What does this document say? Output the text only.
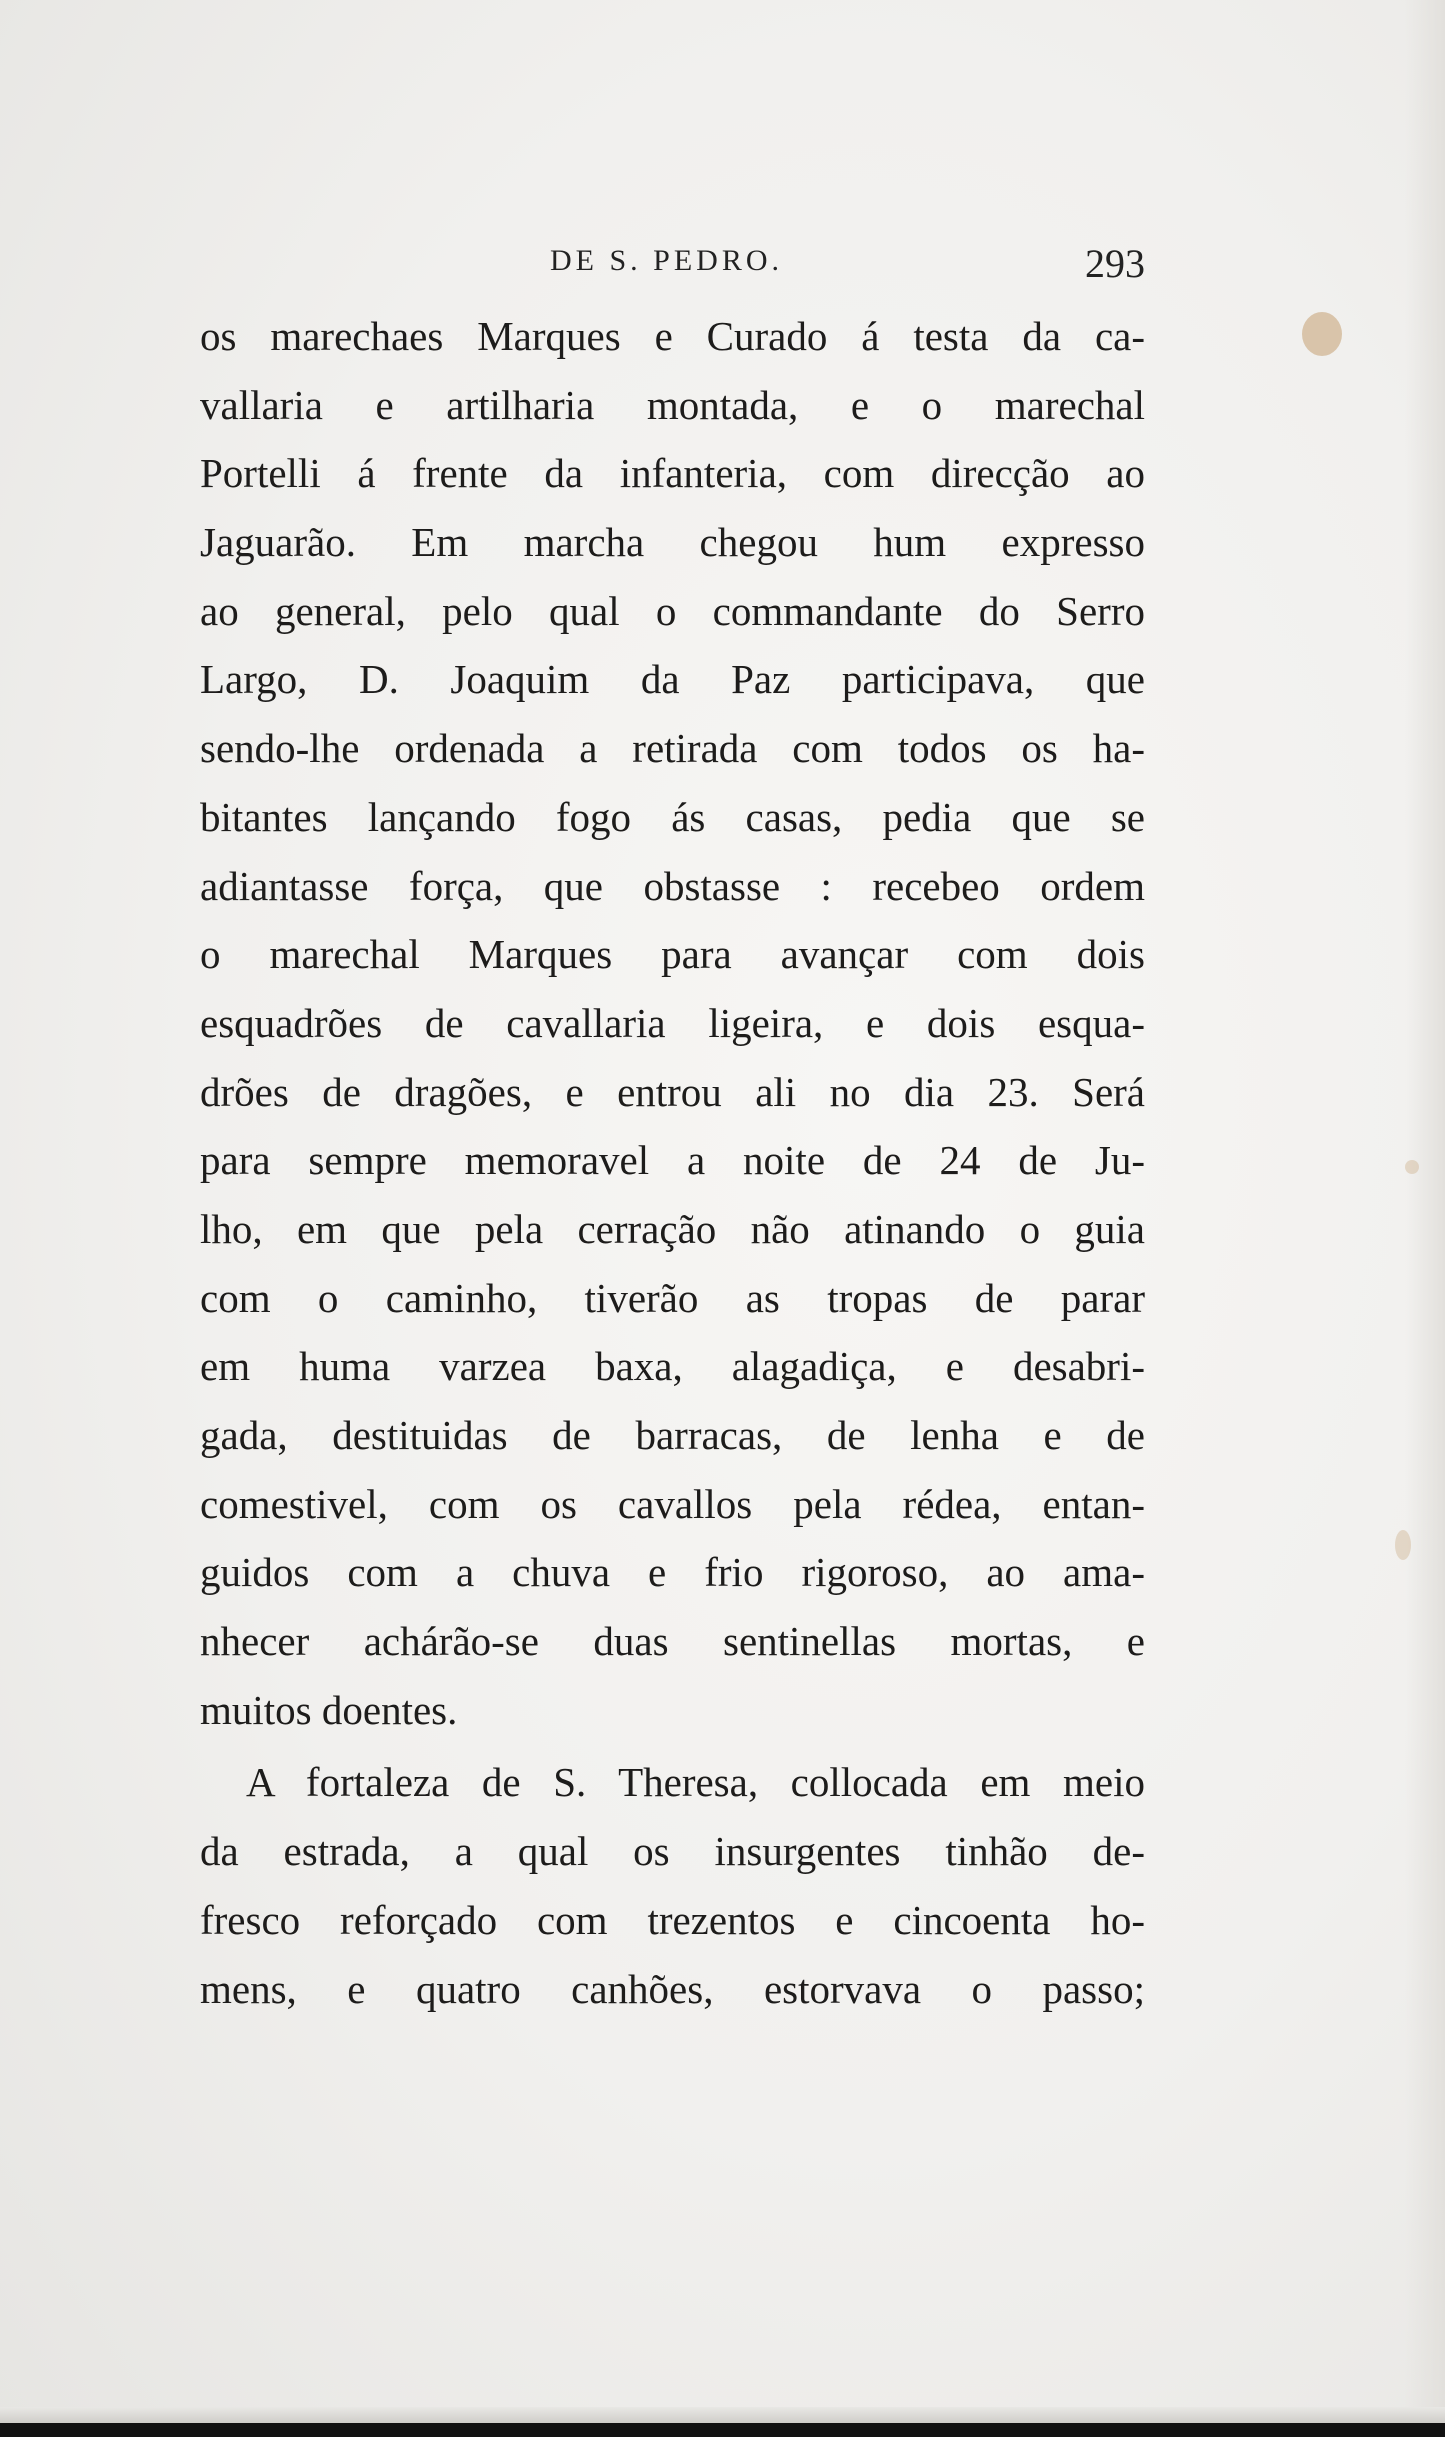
DE S. PEDRO.	293
os marechaes Marques e Curado á testa da ca-
vallaria e artilharia montada, e o marechal
Portelli á frente da infanteria, com direcção ao
Jaguarão. Em marcha chegou hum expresso
ao general, pelo qual o commandante do Serro
Largo, D. Joaquim da Paz participava, que
sendo-lhe ordenada a retirada com todos os ha-
bitantes lançando fogo ás casas, pedia que se
adiantasse força, que obstasse : recebeo ordem
o marechal Marques para avançar com dois
esquadrões de cavallaria ligeira, e dois esqua-
drões de dragões, e entrou ali no dia 23. Será
para sempre memoravel a noite de 24 de Ju-
lho, em que pela cerração não atinando o guia
com o caminho, tiverão as tropas de parar
em huma varzea baxa, alagadiça, e desabri-
gada, destituidas de barracas, de lenha e de
comestivel, com os cavallos pela rédea, entan-
guidos com a chuva e frio rigoroso, ao ama-
nhecer achárão-se duas sentinellas mortas, e
muitos doentes.
A fortaleza de S. Theresa, collocada em meio
da estrada, a qual os insurgentes tinhão de-
fresco reforçado com trezentos e cincoenta ho-
mens, e quatro canhões, estorvava o passo;
